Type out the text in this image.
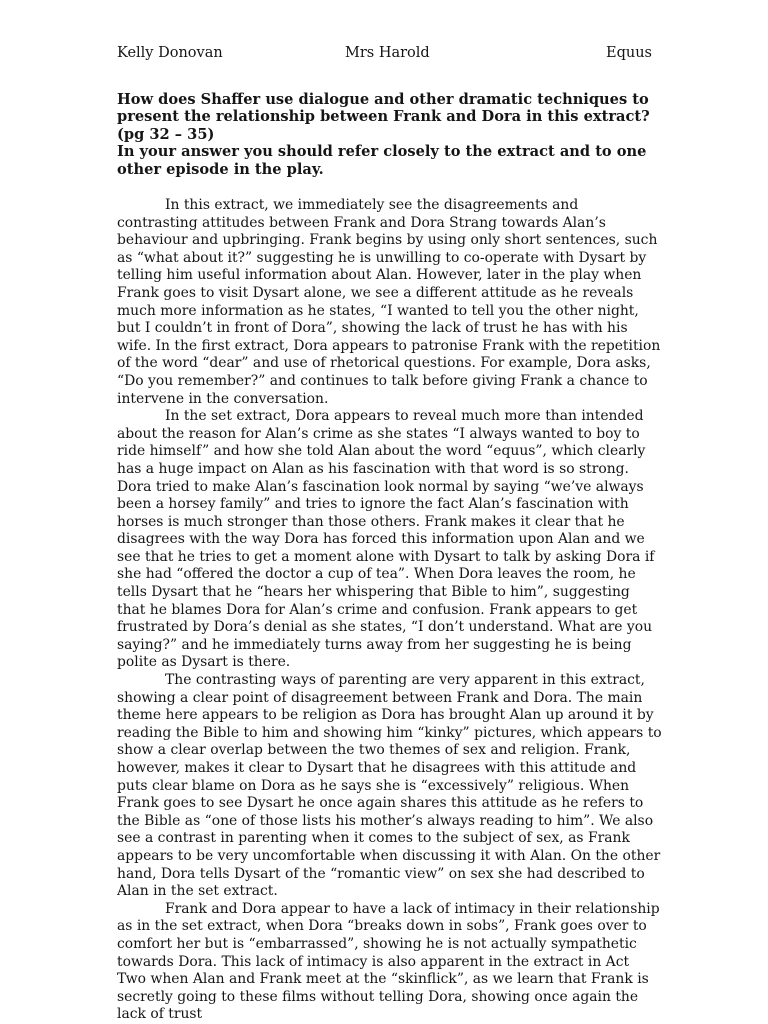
Kelly Donovan	Mrs Harold	Equus

How does Shaffer use dialogue and other dramatic techniques to present the relationship between Frank and Dora in this extract? (pg 32 – 35)

In your answer you should refer closely to the extract and to one other episode in the play.

In this extract, we immediately see the disagreements and contrasting attitudes between Frank and Dora Strang towards Alan’s behaviour and upbringing. Frank begins by using only short sentences, such as “what about it?” suggesting he is unwilling to co-operate with Dysart by telling him useful information about Alan. However, later in the play when Frank goes to visit Dysart alone, we see a different attitude as he reveals much more information as he states, “I wanted to tell you the other night, but I couldn’t in front of Dora”, showing the lack of trust he has with his wife. In the first extract, Dora appears to patronise Frank with the repetition of the word “dear” and use of rhetorical questions. For example, Dora asks, “Do you remember?” and continues to talk before giving Frank a chance to intervene in the conversation.

In the set extract, Dora appears to reveal much more than intended about the reason for Alan’s crime as she states “I always wanted to boy to ride himself” and how she told Alan about the word “equus”, which clearly has a huge impact on Alan as his fascination with that word is so strong. Dora tried to make Alan’s fascination look normal by saying “we’ve always been a horsey family” and tries to ignore the fact Alan’s fascination with horses is much stronger than those others. Frank makes it clear that he disagrees with the way Dora has forced this information upon Alan and we see that he tries to get a moment alone with Dysart to talk by asking Dora if she had “offered the doctor a cup of tea”. When Dora leaves the room, he tells Dysart that he “hears her whispering that Bible to him”, suggesting that he blames Dora for Alan’s crime and confusion. Frank appears to get frustrated by Dora’s denial as she states, “I don’t understand. What are you saying?” and he immediately turns away from her suggesting he is being polite as Dysart is there.

The contrasting ways of parenting are very apparent in this extract, showing a clear point of disagreement between Frank and Dora. The main theme here appears to be religion as Dora has brought Alan up around it by reading the Bible to him and showing him “kinky” pictures, which appears to show a clear overlap between the two themes of sex and religion. Frank, however, makes it clear to Dysart that he disagrees with this attitude and puts clear blame on Dora as he says she is “excessively” religious. When Frank goes to see Dysart he once again shares this attitude as he refers to the Bible as “one of those lists his mother’s always reading to him”. We also see a contrast in parenting when it comes to the subject of sex, as Frank appears to be very uncomfortable when discussing it with Alan. On the other hand, Dora tells Dysart of the “romantic view” on sex she had described to Alan in the set extract.

Frank and Dora appear to have a lack of intimacy in their relationship as in the set extract, when Dora “breaks down in sobs”, Frank goes over to comfort her but is “embarrassed”, showing he is not actually sympathetic towards Dora. This lack of intimacy is also apparent in the extract in Act Two when Alan and Frank meet at the “skinflick”, as we learn that Frank is secretly going to these films without telling Dora, showing once again the lack of trust
